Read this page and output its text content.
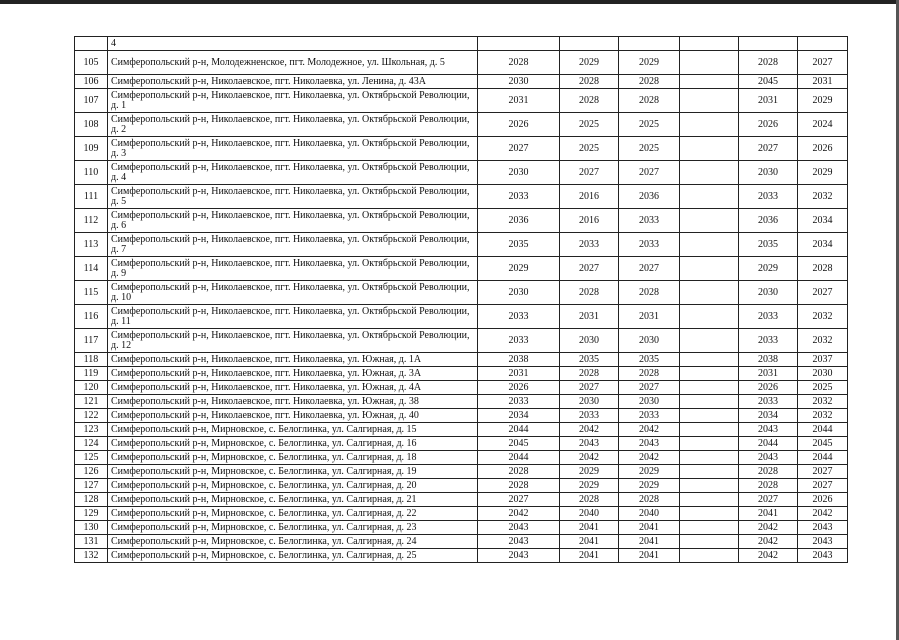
	4						
105	Симферопольский р-н, Молодежненское, пгт. Молодежное, ул. Школьная, д. 5	2028	2029	2029		2028	2027
106	Симферопольский р-н, Николаевское, пгт. Николаевка, ул. Ленина, д. 43А	2030	2028	2028		2045	2031
107	Симферопольский р-н, Николаевское, пгт. Николаевка, ул. Октябрьской Революции, д. 1	2031	2028	2028		2031	2029
108	Симферопольский р-н, Николаевское, пгт. Николаевка, ул. Октябрьской Революции, д. 2	2026	2025	2025		2026	2024
109	Симферопольский р-н, Николаевское, пгт. Николаевка, ул. Октябрьской Революции, д. 3	2027	2025	2025		2027	2026
110	Симферопольский р-н, Николаевское, пгт. Николаевка, ул. Октябрьской Революции, д. 4	2030	2027	2027		2030	2029
111	Симферопольский р-н, Николаевское, пгт. Николаевка, ул. Октябрьской Революции, д. 5	2033	2016	2036		2033	2032
112	Симферопольский р-н, Николаевское, пгт. Николаевка, ул. Октябрьской Революции, д. 6	2036	2016	2033		2036	2034
113	Симферопольский р-н, Николаевское, пгт. Николаевка, ул. Октябрьской Революции, д. 7	2035	2033	2033		2035	2034
114	Симферопольский р-н, Николаевское, пгт. Николаевка, ул. Октябрьской Революции, д. 9	2029	2027	2027		2029	2028
115	Симферопольский р-н, Николаевское, пгт. Николаевка, ул. Октябрьской Революции, д. 10	2030	2028	2028		2030	2027
116	Симферопольский р-н, Николаевское, пгт. Николаевка, ул. Октябрьской Революции, д. 11	2033	2031	2031		2033	2032
117	Симферопольский р-н, Николаевское, пгт. Николаевка, ул. Октябрьской Революции, д. 12	2033	2030	2030		2033	2032
118	Симферопольский р-н, Николаевское, пгт. Николаевка, ул. Южная, д. 1А	2038	2035	2035		2038	2037
119	Симферопольский р-н, Николаевское, пгт. Николаевка, ул. Южная, д. 3А	2031	2028	2028		2031	2030
120	Симферопольский р-н, Николаевское, пгт. Николаевка, ул. Южная, д. 4А	2026	2027	2027		2026	2025
121	Симферопольский р-н, Николаевское, пгт. Николаевка, ул. Южная, д. 38	2033	2030	2030		2033	2032
122	Симферопольский р-н, Николаевское, пгт. Николаевка, ул. Южная, д. 40	2034	2033	2033		2034	2032
123	Симферопольский р-н, Мирновское, с. Белоглинка, ул. Салгирная, д. 15	2044	2042	2042		2043	2044
124	Симферопольский р-н, Мирновское, с. Белоглинка, ул. Салгирная, д. 16	2045	2043	2043		2044	2045
125	Симферопольский р-н, Мирновское, с. Белоглинка, ул. Салгирная, д. 18	2044	2042	2042		2043	2044
126	Симферопольский р-н, Мирновское, с. Белоглинка, ул. Салгирная, д. 19	2028	2029	2029		2028	2027
127	Симферопольский р-н, Мирновское, с. Белоглинка, ул. Салгирная, д. 20	2028	2029	2029		2028	2027
128	Симферопольский р-н, Мирновское, с. Белоглинка, ул. Салгирная, д. 21	2027	2028	2028		2027	2026
129	Симферопольский р-н, Мирновское, с. Белоглинка, ул. Салгирная, д. 22	2042	2040	2040		2041	2042
130	Симферопольский р-н, Мирновское, с. Белоглинка, ул. Салгирная, д. 23	2043	2041	2041		2042	2043
131	Симферопольский р-н, Мирновское, с. Белоглинка, ул. Салгирная, д. 24	2043	2041	2041		2042	2043
132	Симферопольский р-н, Мирновское, с. Белоглинка, ул. Салгирная, д. 25	2043	2041	2041		2042	2043
